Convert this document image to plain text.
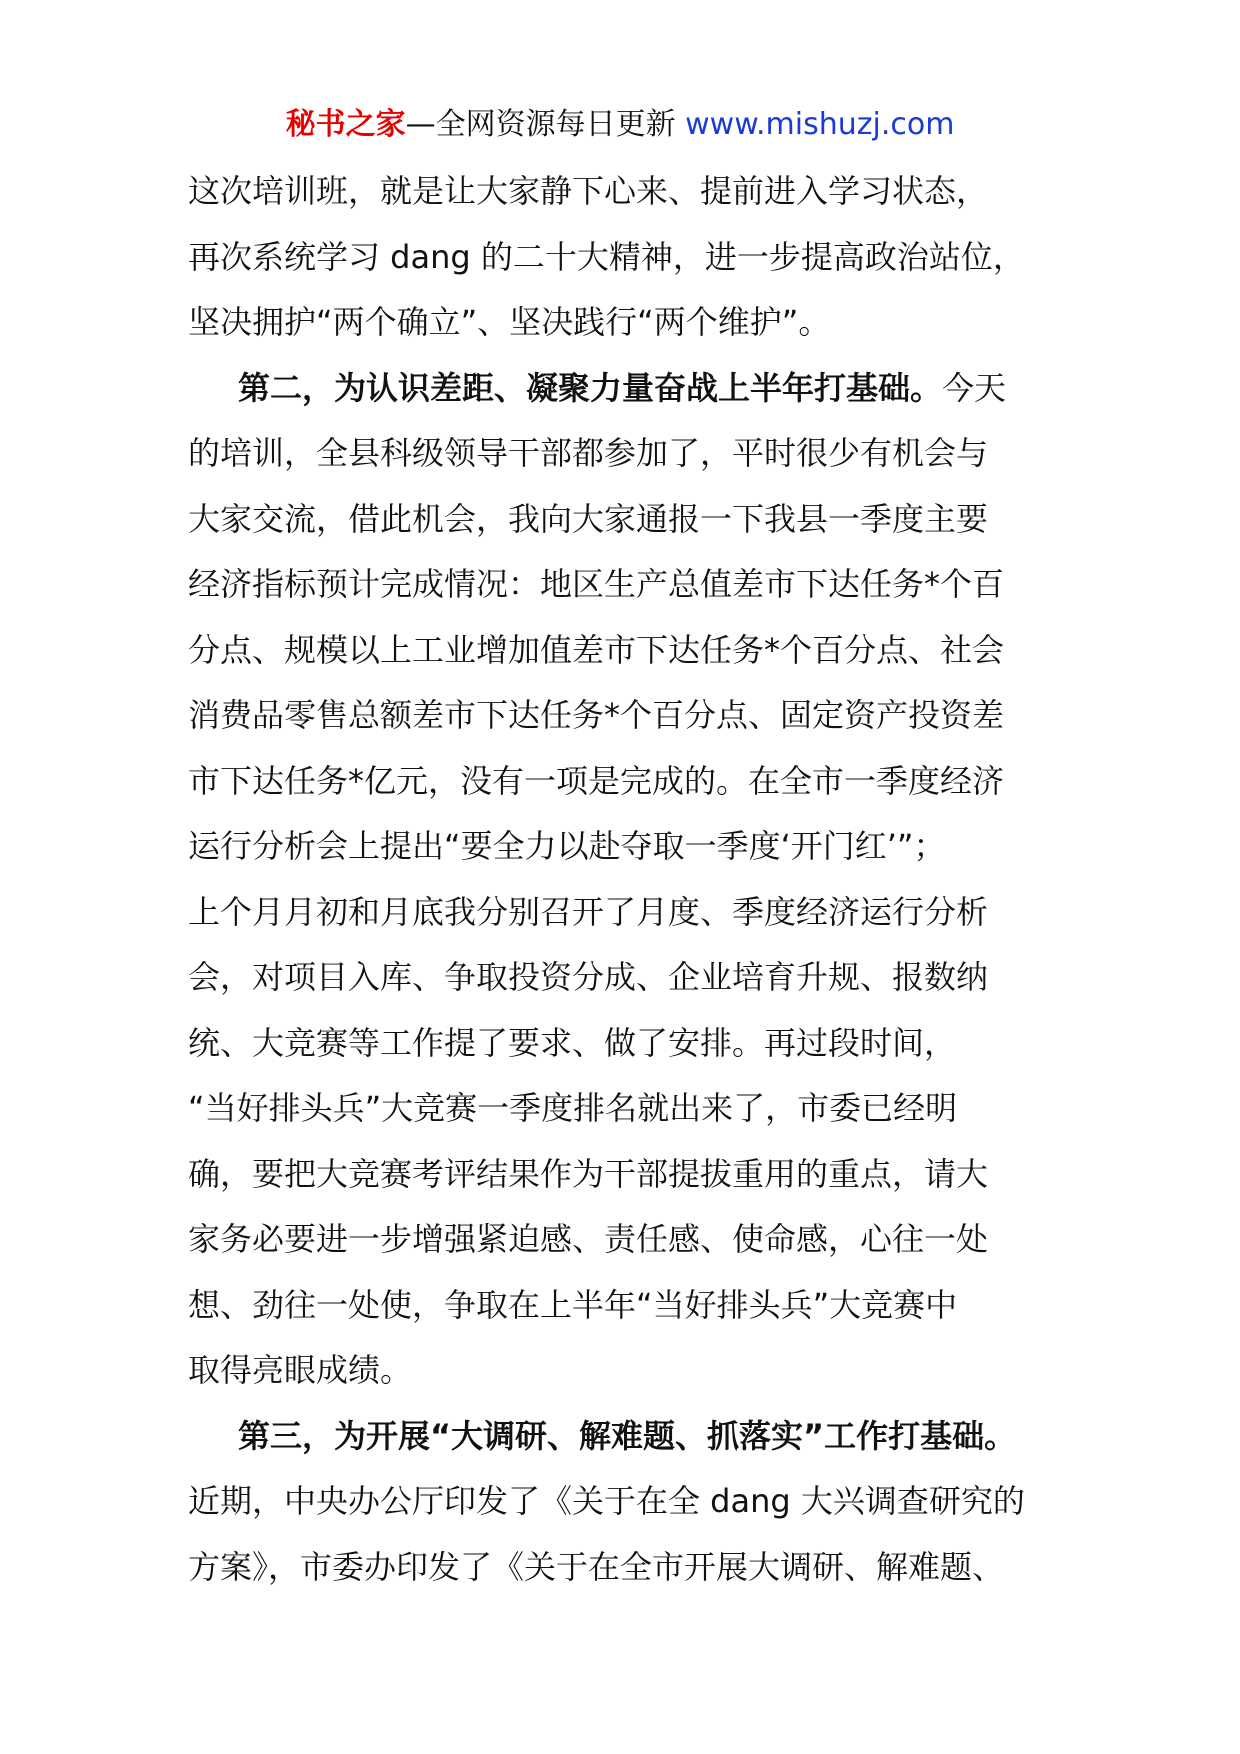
秘书之家—全网资源每日更新 www.mishuzj.com
这次培训班，就是让大家静下心来、提前进入学习状态，
再次系统学习 dang 的二十大精神，进一步提高政治站位，
坚决拥护“两个确立”、坚决践行“两个维护”。
第二，为认识差距、凝聚力量奋战上半年打基础。今天
的培训，全县科级领导干部都参加了，平时很少有机会与
大家交流，借此机会，我向大家通报一下我县一季度主要
经济指标预计完成情况：地区生产总值差市下达任务*个百
分点、规模以上工业增加值差市下达任务*个百分点、社会
消费品零售总额差市下达任务*个百分点、固定资产投资差
市下达任务*亿元，没有一项是完成的。在全市一季度经济
运行分析会上提出“要全力以赴夺取一季度‘开门红’”；
上个月月初和月底我分别召开了月度、季度经济运行分析
会，对项目入库、争取投资分成、企业培育升规、报数纳
统、大竞赛等工作提了要求、做了安排。再过段时间，
“当好排头兵”大竞赛一季度排名就出来了，市委已经明
确，要把大竞赛考评结果作为干部提拔重用的重点，请大
家务必要进一步增强紧迫感、责任感、使命感，心往一处
想、劲往一处使，争取在上半年“当好排头兵”大竞赛中
取得亮眼成绩。
第三，为开展“大调研、解难题、抓落实”工作打基础。
近期，中央办公厅印发了《关于在全 dang 大兴调查研究的
方案》，市委办印发了《关于在全市开展大调研、解难题、
